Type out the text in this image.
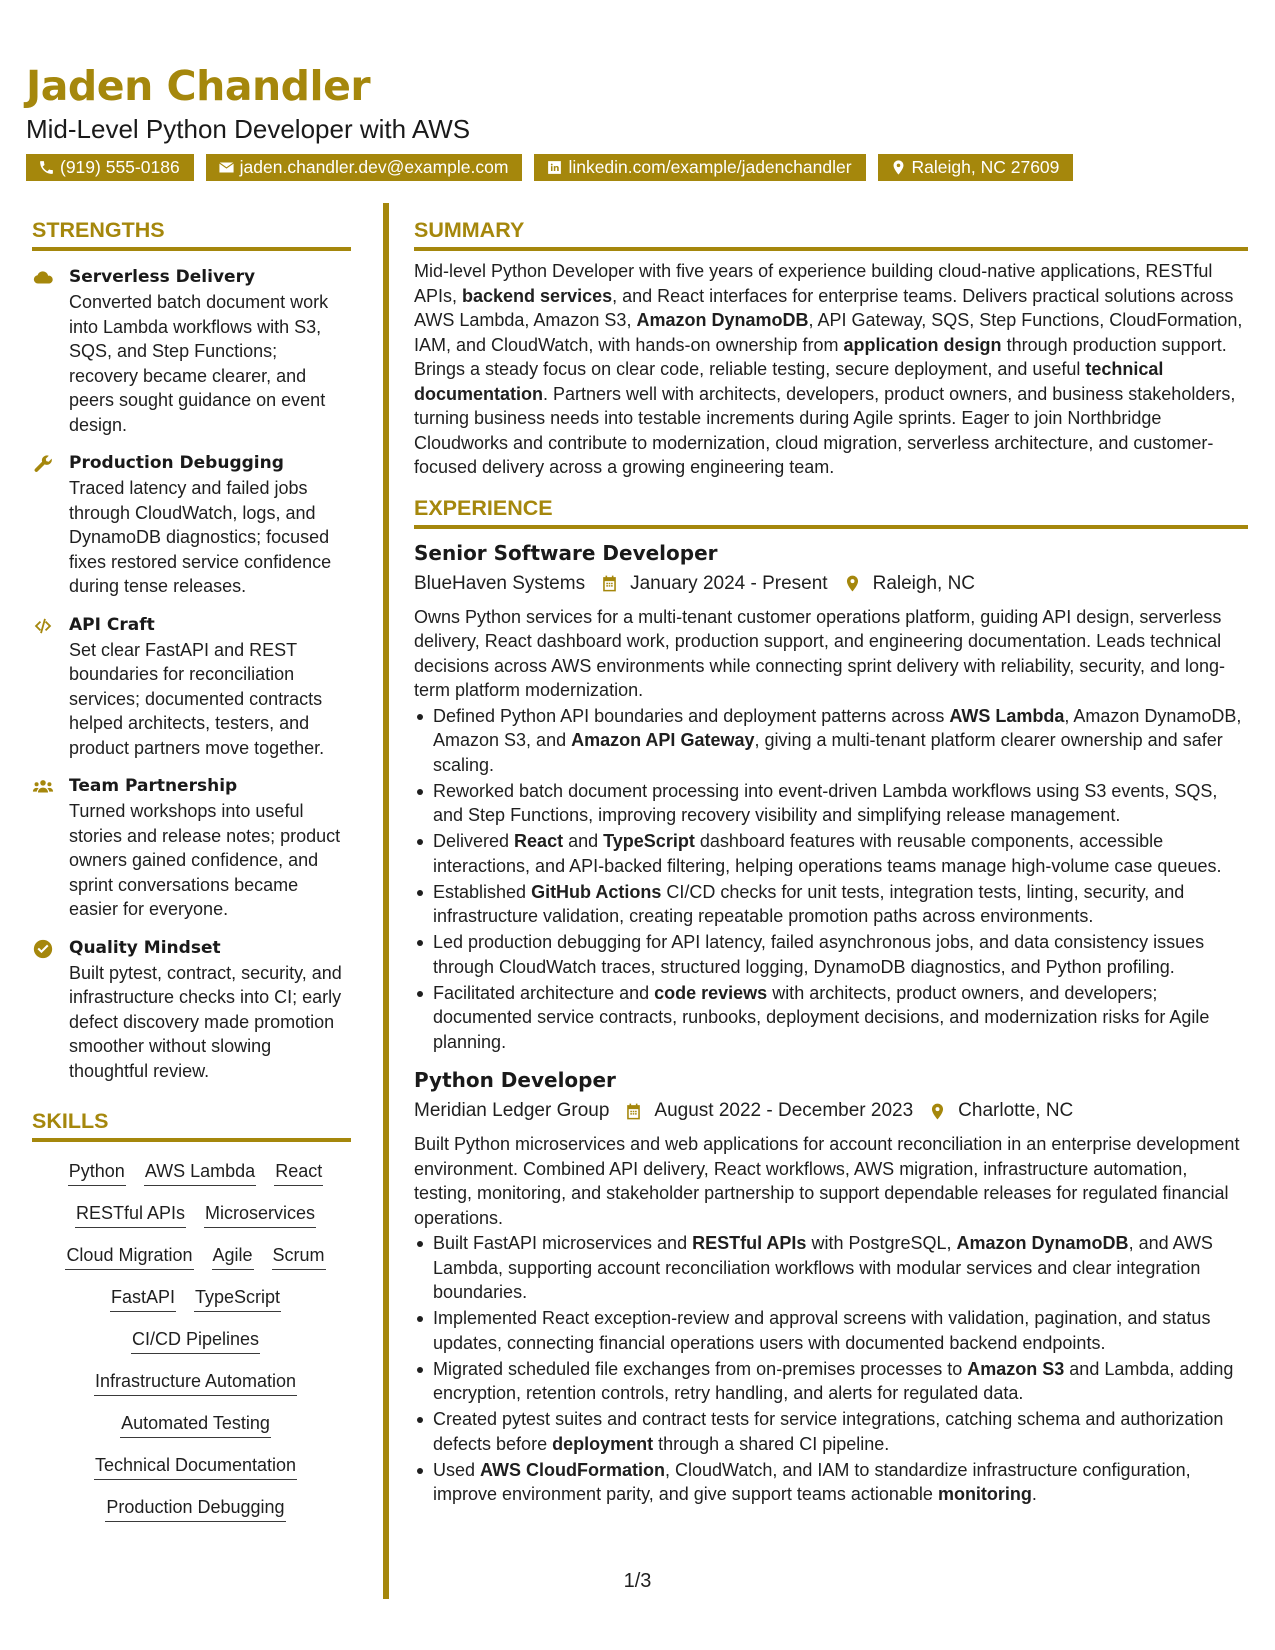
Jaden Chandler
Mid-Level Python Developer with AWS
(919) 555-0186	jaden.chandler.dev@example.com	linkedin.com/example/jadenchandler	Raleigh, NC 27609
STRENGTHS
Serverless Delivery
Converted batch document work into Lambda workflows with S3, SQS, and Step Functions; recovery became clearer, and peers sought guidance on event design.
Production Debugging
Traced latency and failed jobs through CloudWatch, logs, and DynamoDB diagnostics; focused fixes restored service confidence during tense releases.
API Craft
Set clear FastAPI and REST boundaries for reconciliation services; documented contracts helped architects, testers, and product partners move together.
Team Partnership
Turned workshops into useful stories and release notes; product owners gained confidence, and sprint conversations became easier for everyone.
Quality Mindset
Built pytest, contract, security, and infrastructure checks into CI; early defect discovery made promotion smoother without slowing thoughtful review.
SKILLS
Python AWS Lambda React
RESTful APIs Microservices
Cloud Migration Agile Scrum
FastAPI TypeScript
CI/CD Pipelines
Infrastructure Automation
Automated Testing
Technical Documentation
Production Debugging
SUMMARY
Mid-level Python Developer with five years of experience building cloud-native applications, RESTful APIs, backend services, and React interfaces for enterprise teams. Delivers practical solutions across AWS Lambda, Amazon S3, Amazon DynamoDB, API Gateway, SQS, Step Functions, CloudFormation, IAM, and CloudWatch, with hands-on ownership from application design through production support. Brings a steady focus on clear code, reliable testing, secure deployment, and useful technical documentation. Partners well with architects, developers, product owners, and business stakeholders, turning business needs into testable increments during Agile sprints. Eager to join Northbridge Cloudworks and contribute to modernization, cloud migration, serverless architecture, and customer-focused delivery across a growing engineering team.
EXPERIENCE
Senior Software Developer
BlueHaven Systems January 2024 - Present Raleigh, NC
Owns Python services for a multi-tenant customer operations platform, guiding API design, serverless delivery, React dashboard work, production support, and engineering documentation. Leads technical decisions across AWS environments while connecting sprint delivery with reliability, security, and long-term platform modernization.
Defined Python API boundaries and deployment patterns across AWS Lambda, Amazon DynamoDB, Amazon S3, and Amazon API Gateway, giving a multi-tenant platform clearer ownership and safer scaling.
Reworked batch document processing into event-driven Lambda workflows using S3 events, SQS, and Step Functions, improving recovery visibility and simplifying release management.
Delivered React and TypeScript dashboard features with reusable components, accessible interactions, and API-backed filtering, helping operations teams manage high-volume case queues.
Established GitHub Actions CI/CD checks for unit tests, integration tests, linting, security, and infrastructure validation, creating repeatable promotion paths across environments.
Led production debugging for API latency, failed asynchronous jobs, and data consistency issues through CloudWatch traces, structured logging, DynamoDB diagnostics, and Python profiling.
Facilitated architecture and code reviews with architects, product owners, and developers; documented service contracts, runbooks, deployment decisions, and modernization risks for Agile planning.
Python Developer
Meridian Ledger Group August 2022 - December 2023 Charlotte, NC
Built Python microservices and web applications for account reconciliation in an enterprise development environment. Combined API delivery, React workflows, AWS migration, infrastructure automation, testing, monitoring, and stakeholder partnership to support dependable releases for regulated financial operations.
Built FastAPI microservices and RESTful APIs with PostgreSQL, Amazon DynamoDB, and AWS Lambda, supporting account reconciliation workflows with modular services and clear integration boundaries.
Implemented React exception-review and approval screens with validation, pagination, and status updates, connecting financial operations users with documented backend endpoints.
Migrated scheduled file exchanges from on-premises processes to Amazon S3 and Lambda, adding encryption, retention controls, retry handling, and alerts for regulated data.
Created pytest suites and contract tests for service integrations, catching schema and authorization defects before deployment through a shared CI pipeline.
Used AWS CloudFormation, CloudWatch, and IAM to standardize infrastructure configuration, improve environment parity, and give support teams actionable monitoring.
1/3
